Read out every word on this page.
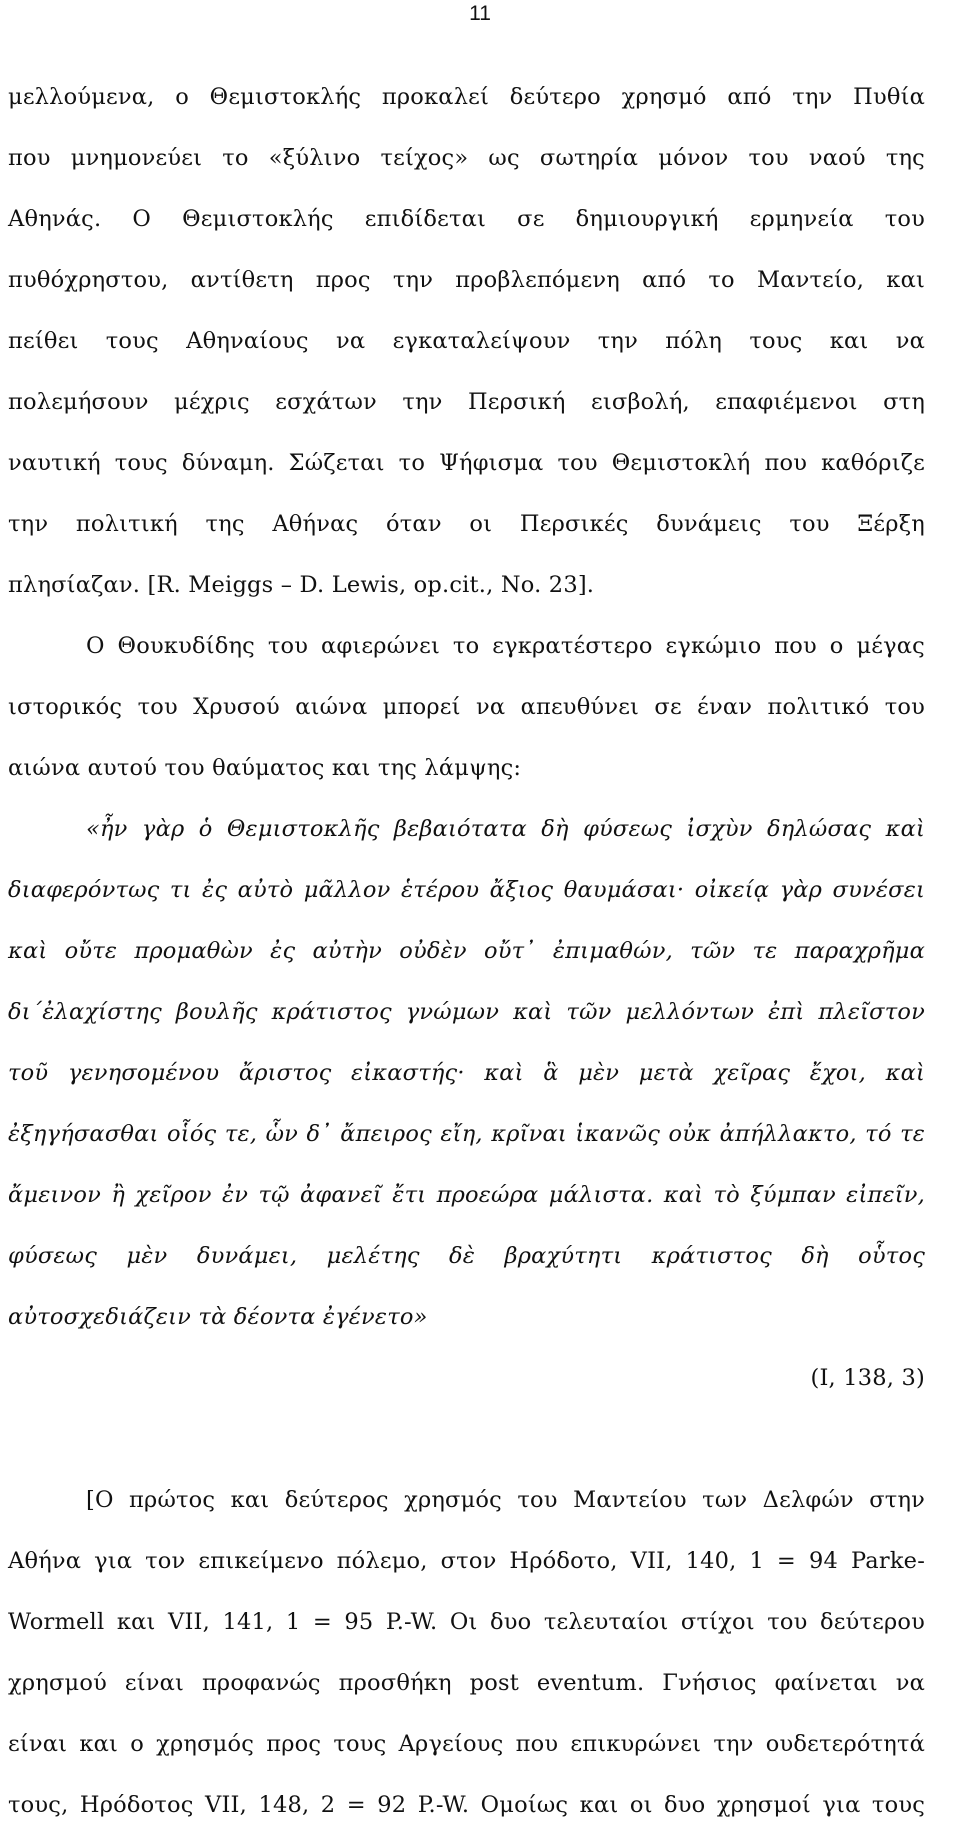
11
μελλούμενα, ο Θεμιστοκλής προκαλεί δεύτερο χρησμό από την Πυθία
που μνημονεύει το «ξύλινο τείχος» ως σωτηρία μόνον του ναού της
Αθηνάς. Ο Θεμιστοκλής επιδίδεται σε δημιουργική ερμηνεία του
πυθόχρηστου, αντίθετη προς την προβλεπόμενη από το Μαντείο, και
πείθει τους Αθηναίους να εγκαταλείψουν την πόλη τους και να
πολεμήσουν μέχρις εσχάτων την Περσική εισβολή, επαφιέμενοι στη
ναυτική τους δύναμη. Σώζεται το Ψήφισμα του Θεμιστοκλή που καθόριζε
την πολιτική της Αθήνας όταν οι Περσικές δυνάμεις του Ξέρξη
πλησίαζαν. [R. Meiggs – D. Lewis, op.cit., No. 23].
Ο Θουκυδίδης του αφιερώνει το εγκρατέστερο εγκώμιο που ο μέγας
ιστορικός του Χρυσού αιώνα μπορεί να απευθύνει σε έναν πολιτικό του
αιώνα αυτού του θαύματος και της λάμψης:
«ἦν γὰρ ὁ Θεμιστοκλῆς βεβαιότατα δὴ φύσεως ἰσχὺν δηλώσας καὶ
διαφερόντως τι ἐς αὐτὸ μᾶλλον ἑτέρου ἄξιος θαυμάσαι· οἰκείᾳ γὰρ συνέσει
καὶ οὔτε προμαθὼν ἐς αὐτὴν οὐδὲν οὔτ᾽ ἐπιμαθών, τῶν τε παραχρῆμα
δι΄ἐλαχίστης βουλῆς κράτιστος γνώμων καὶ τῶν μελλόντων ἐπὶ πλεῖστον
τοῦ γενησομένου ἄριστος εἰκαστής· καὶ ἃ μὲν μετὰ χεῖρας ἔχοι, καὶ
ἐξηγήσασθαι οἷός τε, ὧν δ᾽ ἄπειρος εἴη, κρῖναι ἱκανῶς οὐκ ἀπήλλακτο, τό τε
ἄμεινον ἢ χεῖρον ἐν τῷ ἀφανεῖ ἔτι προεώρα μάλιστα. καὶ τὸ ξύμπαν εἰπεῖν,
φύσεως μὲν δυνάμει, μελέτης δὲ βραχύτητι κράτιστος δὴ οὗτος
αὐτοσχεδιάζειν τὰ δέοντα ἐγένετο»
(I, 138, 3)
[Ο πρώτος και δεύτερος χρησμός του Μαντείου των Δελφών στην
Αθήνα για τον επικείμενο πόλεμο, στον Ηρόδοτο, VII, 140, 1 = 94 Parke-
Wormell και VII, 141, 1 = 95 P.-W. Οι δυο τελευταίοι στίχοι του δεύτερου
χρησμού είναι προφανώς προσθήκη post eventum. Γνήσιος φαίνεται να
είναι και ο χρησμός προς τους Αργείους που επικυρώνει την ουδετερότητά
τους, Ηρόδοτος VII, 148, 2 = 92 P.-W. Ομοίως και οι δυο χρησμοί για τους
